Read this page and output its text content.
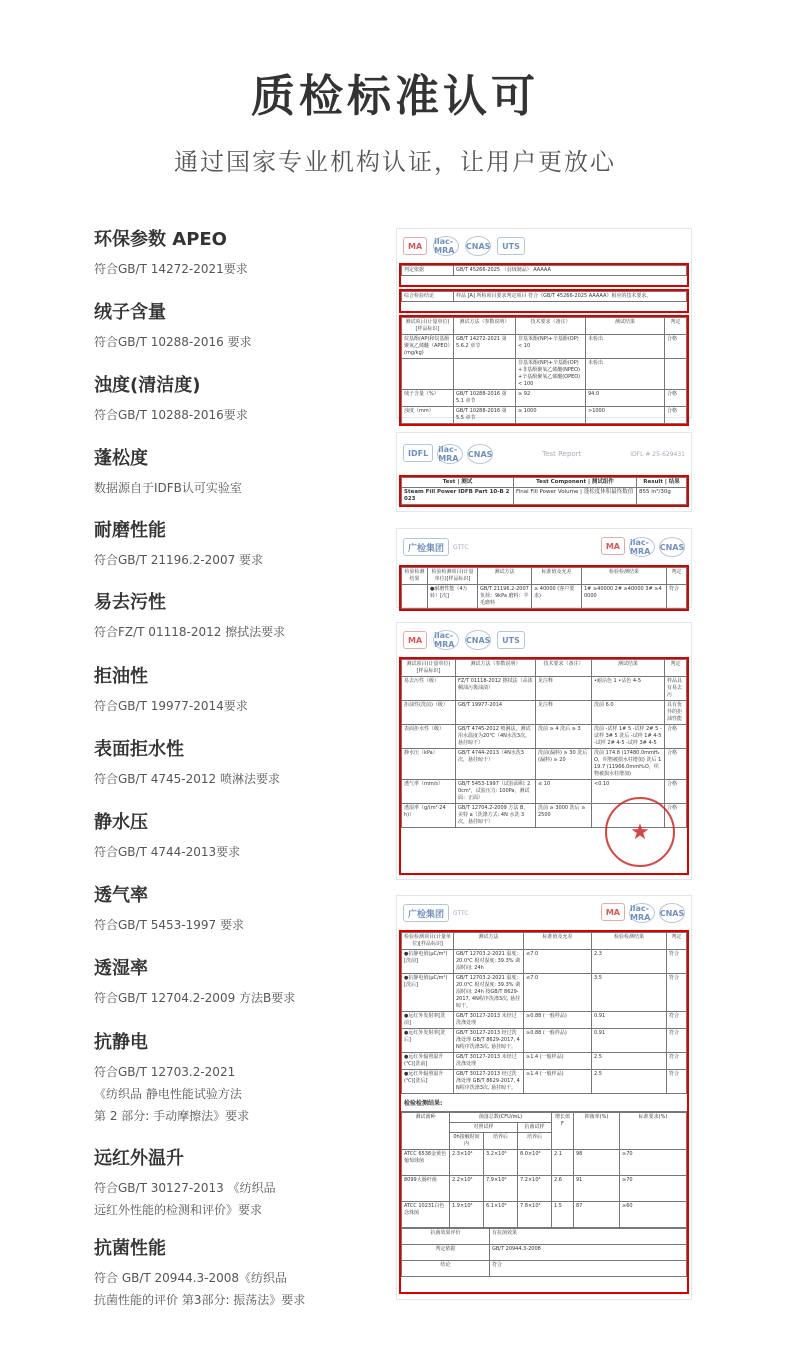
质检标准认可
通过国家专业机构认证，让用户更放心
环保参数 APEO
符合GB/T 14272-2021要求
绒子含量
符合GB/T 10288-2016 要求
浊度(清洁度)
符合GB/T 10288-2016要求
蓬松度
数据源自于IDFB认可实验室
耐磨性能
符合GB/T 21196.2-2007 要求
易去污性
符合FZ/T 01118-2012 擦拭法要求
拒油性
符合GB/T 19977-2014要求
表面拒水性
符合GB/T 4745-2012 喷淋法要求
静水压
符合GB/T 4744-2013要求
透气率
符合GB/T 5453-1997 要求
透湿率
符合GB/T 12704.2-2009 方法B要求
抗静电
符合GB/T 12703.2-2021
《纺织品 静电性能试验方法
第 2 部分: 手动摩擦法》要求
远红外温升
符合GB/T 30127-2013 《纺织品
远红外性能的检测和评价》要求
抗菌性能
符合 GB/T 20944.3-2008《纺织品
抗菌性能的评价 第3部分: 振荡法》要求
MA	ilac-MRA	CNAS	UTS
判定依据	GB/T 45266-2025 （羽绒制品） AAAAA
综合检验结论	样品 [A] 所检项目要求判定项目 符合《GB/T 45266-2025 AAAAA》相应的技术要求。
测试项目(计量单位)[样品标识]	测试方法（参数说明）	技术要求（备注）	测试结果	判定
烷基酚(AP)和烷基酚聚氧乙烯醚（APEO）(mg/kg)	GB/T 14272-2021 第 5.6.2 章节	非基苯酚(NP)+辛基酚(OP) < 10	未检出	合格
		非基苯酚(NP)+辛基酚(OP)+非基酚聚氧乙烯醚(NPEO)+辛基酚聚氧乙烯醚(OPEO) < 100	未检出	
绒子含量（%）	GB/T 10288-2016 第 5.1 章节	≥ 92	94.0	合格
浊度（mm）	GB/T 10288-2016 第 5.5 章节	≥ 1000	>1000	合格
IDFL	ilac-MRA	CNAS	Test Report	IDFL # 25-629431
Test | 测试	Test Component | 测试组件	Result | 结果
Steam Fill Power IDFB Part 10-B 2023	Final Fill Power Volume | 蓬松度体积最终数值	855 in³/30g
广检集团	GTTC	MA	ilac-MRA	CNAS
检验检测结果	检验检测项目(计量单位)[样品标识]	测试方法	标准值及允差	检验检测结果	判定
	●耐磨性能（4万转）[次]	GB/T 21196.2-2007 负荷：9kPa 磨料：羊毛磨料	≥ 40000 (客户要求)	1# ≥40000 2# ≥40000 3# ≥40000	符合
MA	ilac-MRA	CNAS	UTS
测试项目(计量单位)[样品标识]	测试方法（参数说明）	技术要求（备注）	测试结果	判定
易去污性（级）	FZ/T 01118-2012 擦拭法（高浓稠油污酱油渍）	见注释	•耐沾色 1 •沾色 4-5	样品具有易去污
拒油性(洗前)（级）	GB/T 19977-2014	见注释	洗前 6.0	具有优异的拒油性能
表面拒水性（级）	GB/T 4745-2012 喷淋法，测试用水温度为20℃（4N水洗3次，悬挂晾干）	洗前 ≥ 4 洗后 ≥ 3	洗前 -试样 1# 5 -试样 2# 5 -试样 3# 5 洗后 -试样 1# 4-5 -试样 2# 4-5 -试样 3# 4-5	合格
静水压（kPa）	GB/T 4744-2013（4N水洗3次，悬挂晾干）	洗前(漏料) ≥ 30 洗后(漏料) ≥ 20	洗前 174.8 (17480.0mmH₂O，织物被损水柱增加) 洗后 119.7 (11966.0mmH₂O，织物被损水柱增加)	合格
透气率（mm/s）	GB/T 5453-1997（试验面积: 20cm²，试验压力: 100Pa，测试面：正面）	≤ 10	<0.10	合格
透湿率（g/(m²·24h)）	GB/T 12704.2-2009 方法 B，美特 a（洗涤方式: 4N 水洗 3 次，悬挂晾干）	洗前 ≥ 3000 洗后 ≥ 2500		合格
★
广检集团	GTTC	MA	ilac-MRA	CNAS
检验检测项目(计量单位)[样品标识]	测试方法	标准值及允差	检验检测结果	判定
●抗静电值(μC/m²)[洗前]	GB/T 12703.2-2021 温度: 20.0℃ 相对湿度: 39.3% 调湿时间: 24h	≤7.0	2.3	符合
●抗静电值(μC/m²)[洗后]	GB/T 12703.2-2021 温度: 20.0℃ 相对湿度: 39.3% 调湿时间: 24h 按GB/T 8629-2017, 4N程序洗涤3次, 悬挂晾干。	≤7.0	3.5	符合
●远红外发射率[洗前]	GB/T 30127-2013 未经过洗涤处理	≥0.88 (一般样品)	0.91	符合
●远红外发射率[洗后]	GB/T 30127-2013 经过洗涤处理 GB/T 8629-2017, 4N程序洗涤3次, 悬挂晾干。	≥0.88 (一般样品)	0.91	符合
●远红外辐照温升(℃)[洗前]	GB/T 30127-2013 未经过洗涤处理	≥1.4 (一般样品)	2.5	符合
●远红外辐照温升(℃)[洗后]	GB/T 30127-2013 经过洗涤处理 GB/T 8629-2017, 4N程序洗涤3次, 悬挂晾干。	≥1.4 (一般样品)	2.5	符合
检验检测结果:
测试菌种	菌落总数(CFU/mL)			增长值F	抑菌率(%)	标准要求(%)
	对照试样		抗菌试样			
	0h接触时间内	培养后	培养后			
ATCC 6538金黄色葡萄球菌	2.3×10⁴	3.2×10⁶	8.0×10⁴	2.1	98	≥70
8099大肠杆菌	2.2×10⁴	7.9×10⁶	7.2×10⁴	2.6	91	≥70
ATCC 10231白色念珠菌	1.9×10⁴	6.1×10⁶	7.8×10⁴	1.5	87	≥60
抗菌效果评价	有抗菌效果
判定依据	GB/T 20944.3-2008
结论	符合
